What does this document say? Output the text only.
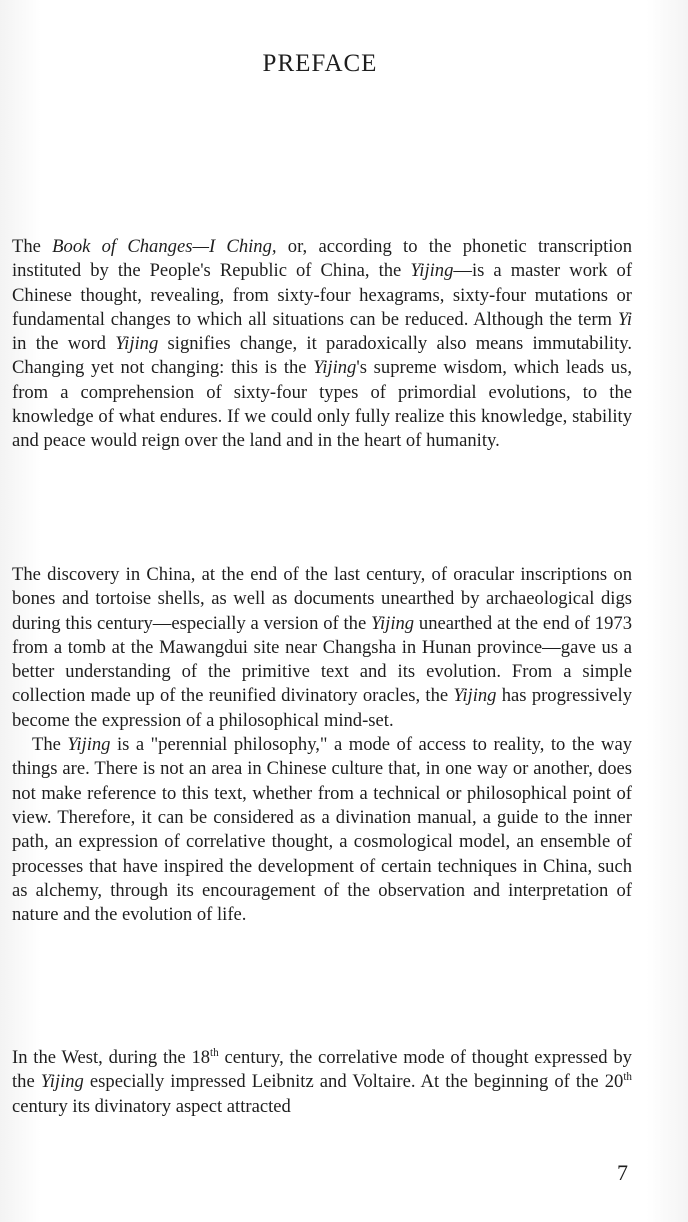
PREFACE

The Book of Changes—I Ching, or, according to the phonetic transcription instituted by the People's Republic of China, the Yijing—is a master work of Chinese thought, revealing, from sixty-four hexagrams, sixty-four mutations or fundamental changes to which all situations can be reduced. Although the term Yi in the word Yijing signifies change, it paradoxically also means immutability. Changing yet not changing: this is the Yijing's supreme wisdom, which leads us, from a comprehension of sixty-four types of primordial evolutions, to the knowledge of what endures. If we could only fully realize this knowledge, stability and peace would reign over the land and in the heart of humanity.

The discovery in China, at the end of the last century, of oracular inscriptions on bones and tortoise shells, as well as documents unearthed by archaeological digs during this century—especially a version of the Yijing unearthed at the end of 1973 from a tomb at the Mawangdui site near Changsha in Hunan province—gave us a better understanding of the primitive text and its evolution. From a simple collection made up of the reunified divinatory oracles, the Yijing has progressively become the expression of a philosophical mind-set.

The Yijing is a "perennial philosophy," a mode of access to reality, to the way things are. There is not an area in Chinese culture that, in one way or another, does not make reference to this text, whether from a technical or philosophical point of view. Therefore, it can be considered as a divination manual, a guide to the inner path, an expression of correlative thought, a cosmological model, an ensemble of processes that have inspired the development of certain techniques in China, such as alchemy, through its encouragement of the observation and interpretation of nature and the evolution of life.

In the West, during the 18th century, the correlative mode of thought expressed by the Yijing especially impressed Leibnitz and Voltaire. At the beginning of the 20th century its divinatory aspect attracted

7
